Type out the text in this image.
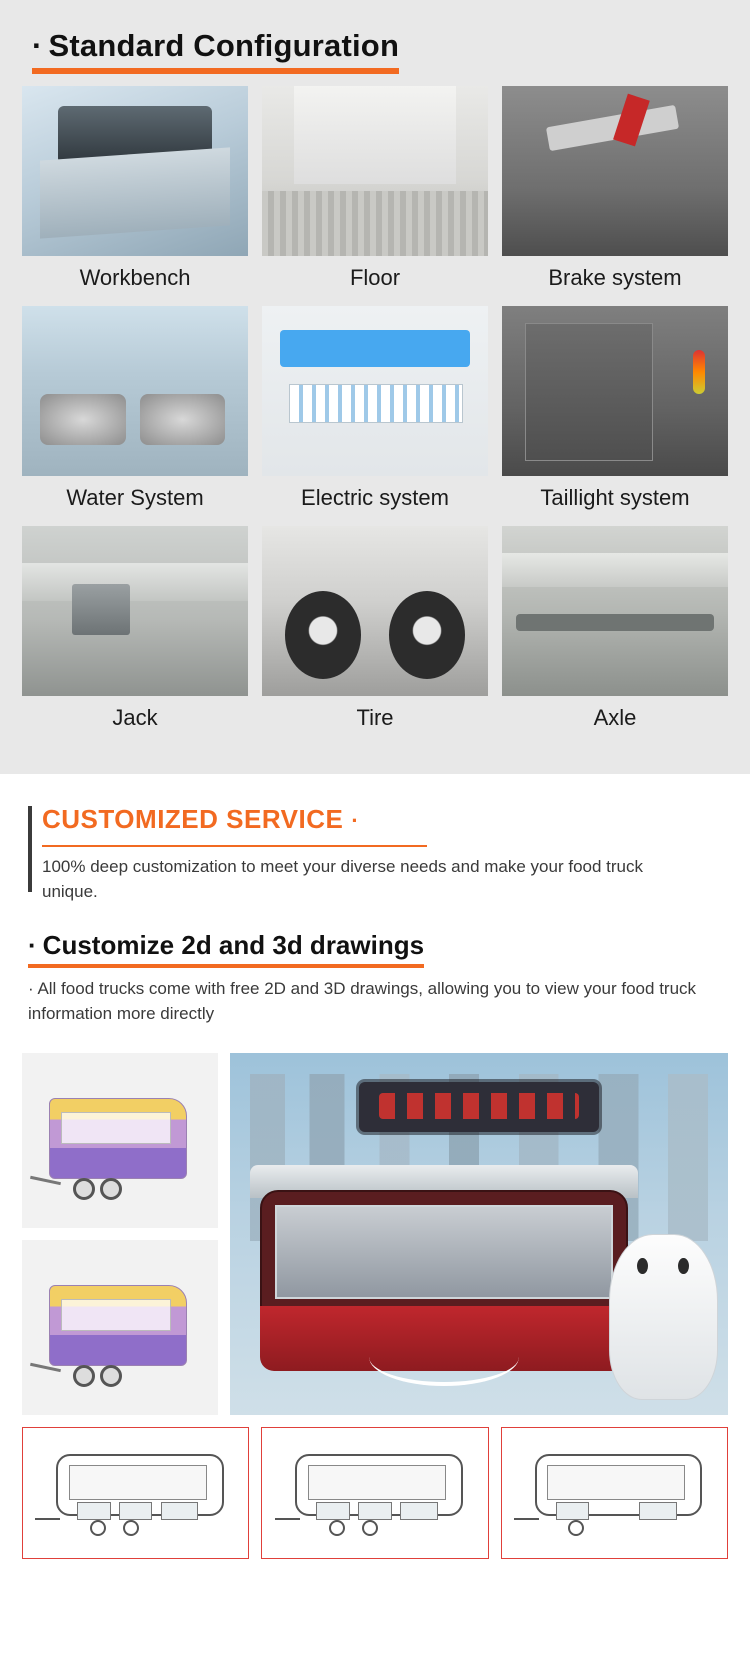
· Standard Configuration
Workbench	Floor	Brake system
Water System	Electric system	Taillight system
Jack	Tire	Axle
CUSTOMIZED SERVICE ·

100% deep customization to meet your diverse needs and make your food truck unique.

· Customize 2d and 3d drawings

· All food trucks come with free 2D and 3D drawings, allowing you to view your food truck information more directly
